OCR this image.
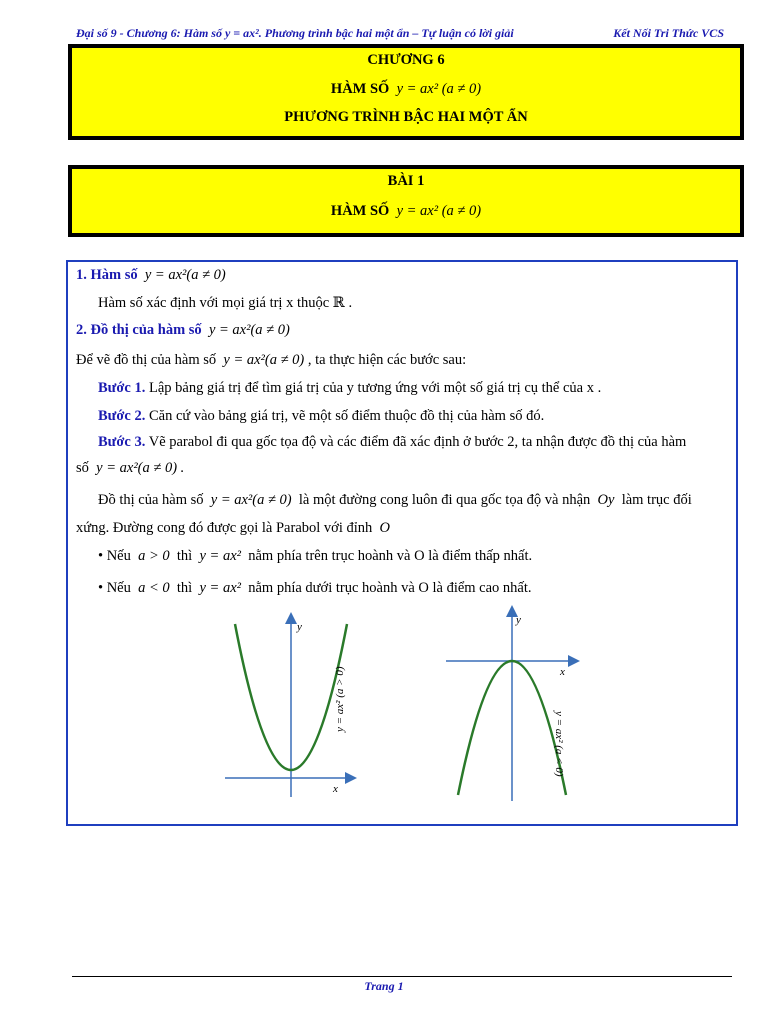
Đại số 9 - Chương 6: Hàm số y = ax². Phương trình bậc hai một ẩn – Tự luận có lời giải	Kết Nối Tri Thức VCS
CHƯƠNG 6
HÀM SỐ y = ax² (a ≠ 0)
PHƯƠNG TRÌNH BẬC HAI MỘT ẨN
BÀI 1
HÀM SỐ y = ax² (a ≠ 0)
1. Hàm số y = ax²(a ≠ 0)
Hàm số xác định với mọi giá trị x thuộc ℝ .
2. Đồ thị của hàm số y = ax²(a ≠ 0)
Để vẽ đồ thị của hàm số y = ax²(a ≠ 0) , ta thực hiện các bước sau:
Bước 1. Lập bảng giá trị để tìm giá trị của y tương ứng với một số giá trị cụ thể của x .
Bước 2. Căn cứ vào bảng giá trị, vẽ một số điểm thuộc đồ thị của hàm số đó.
Bước 3. Vẽ parabol đi qua gốc tọa độ và các điểm đã xác định ở bước 2, ta nhận được đồ thị của hàm
số y = ax²(a ≠ 0) .
Đồ thị của hàm số y = ax²(a ≠ 0) là một đường cong luôn đi qua gốc tọa độ và nhận Oy làm trục đối
xứng. Đường cong đó được gọi là Parabol với đỉnh O
• Nếu a > 0 thì y = ax² nằm phía trên trục hoành và O là điểm thấp nhất.
• Nếu a < 0 thì y = ax² nằm phía dưới trục hoành và O là điểm cao nhất.
x
y
y = ax² (a > 0)	x
y
y = ax² (a < 0)
Trang 1
